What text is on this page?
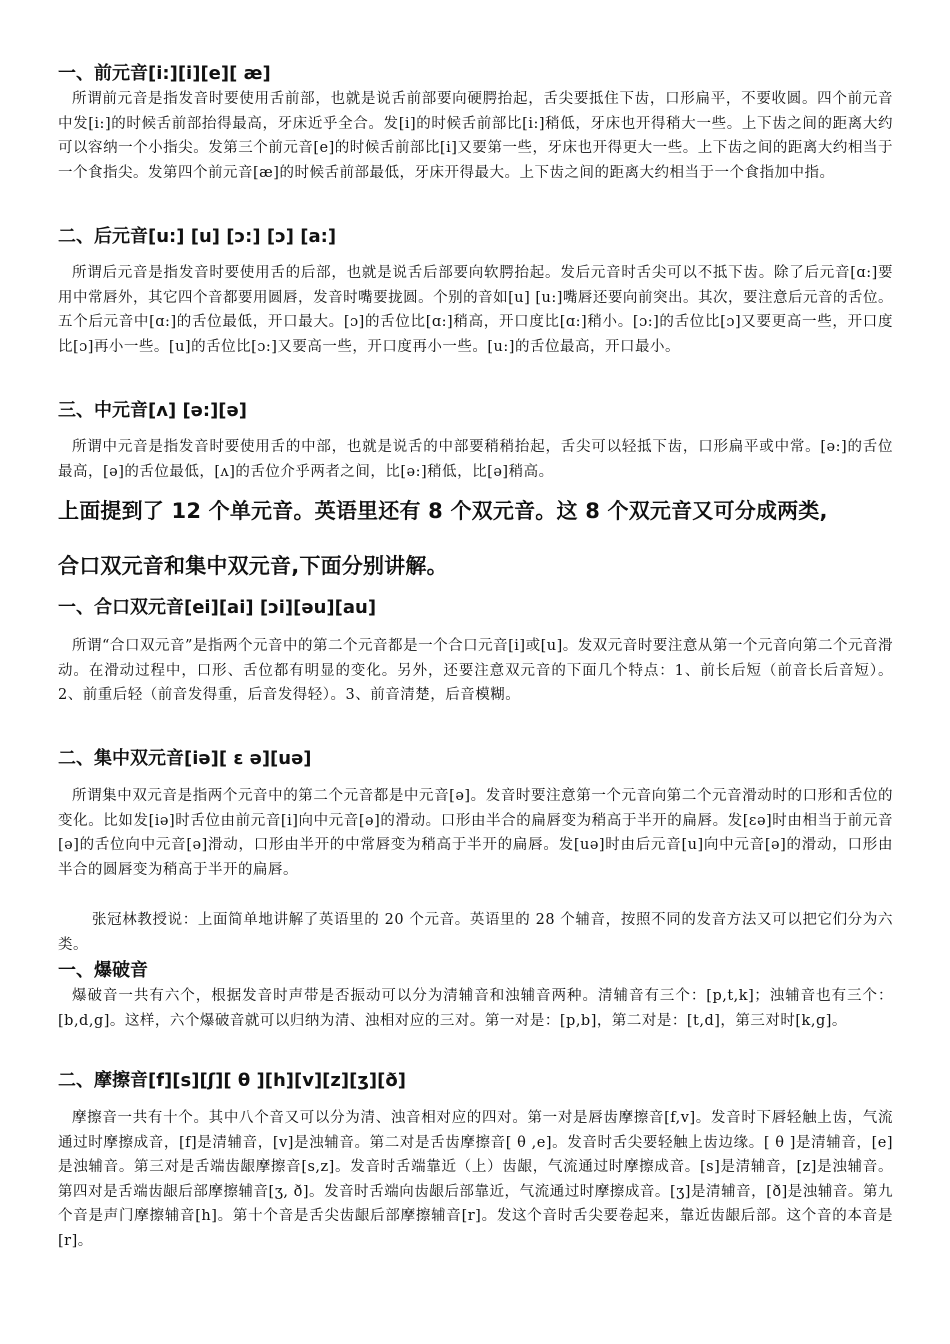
一、前元音[i:][i][e][ æ]
所谓前元音是指发音时要使用舌前部，也就是说舌前部要向硬腭抬起，舌尖要抵住下齿，口形扁平，不要收圆。四个前元音中发[i:]的时候舌前部抬得最高，牙床近乎全合。发[i]的时候舌前部比[i:]稍低，牙床也开得稍大一些。上下齿之间的距离大约可以容纳一个小指尖。发第三个前元音[e]的时候舌前部比[i]又要第一些，牙床也开得更大一些。上下齿之间的距离大约相当于一个食指尖。发第四个前元音[æ]的时候舌前部最低，牙床开得最大。上下齿之间的距离大约相当于一个食指加中指。
二、后元音[u:] [u] [ɔ:] [ɔ] [a:]
所谓后元音是指发音时要使用舌的后部，也就是说舌后部要向软腭抬起。发后元音时舌尖可以不抵下齿。除了后元音[ɑ:]要用中常唇外，其它四个音都要用圆唇，发音时嘴要拢圆。个别的音如[u] [u:]嘴唇还要向前突出。其次，要注意后元音的舌位。五个后元音中[ɑ:]的舌位最低，开口最大。[ɔ]的舌位比[ɑ:]稍高，开口度比[ɑ:]稍小。[ɔ:]的舌位比[ɔ]又要更高一些，开口度比[ɔ]再小一些。[u]的舌位比[ɔ:]又要高一些，开口度再小一些。[u:]的舌位最高，开口最小。
三、中元音[ʌ] [ə:][ə]
所谓中元音是指发音时要使用舌的中部，也就是说舌的中部要稍稍抬起，舌尖可以轻抵下齿，口形扁平或中常。[ə:]的舌位最高，[ə]的舌位最低，[ʌ]的舌位介乎两者之间，比[ə:]稍低，比[ə]稍高。
上面提到了 12 个单元音。英语里还有 8 个双元音。这 8 个双元音又可分成两类,
合口双元音和集中双元音,下面分别讲解。
一、合口双元音[ei][ai] [ɔi][əu][au]
所谓“合口双元音”是指两个元音中的第二个元音都是一个合口元音[i]或[u]。发双元音时要注意从第一个元音向第二个元音滑动。在滑动过程中，口形、舌位都有明显的变化。另外，还要注意双元音的下面几个特点：1、前长后短（前音长后音短）。2、前重后轻（前音发得重，后音发得轻）。3、前音清楚，后音模糊。
二、集中双元音[iə][ ɛ ə][uə]
所谓集中双元音是指两个元音中的第二个元音都是中元音[ə]。发音时要注意第一个元音向第二个元音滑动时的口形和舌位的变化。比如发[iə]时舌位由前元音[i]向中元音[ə]的滑动。口形由半合的扁唇变为稍高于半开的扁唇。发[ɛə]时由相当于前元音[ə]的舌位向中元音[ə]滑动，口形由半开的中常唇变为稍高于半开的扁唇。发[uə]时由后元音[u]向中元音[ə]的滑动，口形由半合的圆唇变为稍高于半开的扁唇。
张冠林教授说：上面简单地讲解了英语里的 20 个元音。英语里的 28 个辅音，按照不同的发音方法又可以把它们分为六类。
一、爆破音
爆破音一共有六个，根据发音时声带是否振动可以分为清辅音和浊辅音两种。清辅音有三个：[p,t,k]；浊辅音也有三个：[b,d,g]。这样，六个爆破音就可以归纳为清、浊相对应的三对。第一对是：[p,b]，第二对是：[t,d]，第三对时[k,g]。
二、摩擦音[f][s][ʃ][ θ ][h][v][z][ʒ][ð]
摩擦音一共有十个。其中八个音又可以分为清、浊音相对应的四对。第一对是唇齿摩擦音[f,v]。发音时下唇轻触上齿，气流通过时摩擦成音，[f]是清辅音，[v]是浊辅音。第二对是舌齿摩擦音[ θ ,e]。发音时舌尖要轻触上齿边缘。[ θ ]是清辅音，[e]是浊辅音。第三对是舌端齿龈摩擦音[s,z]。发音时舌端靠近（上）齿龈，气流通过时摩擦成音。[s]是清辅音，[z]是浊辅音。第四对是舌端齿龈后部摩擦辅音[ʒ, ð]。发音时舌端向齿龈后部靠近，气流通过时摩擦成音。[ʒ]是清辅音，[ð]是浊辅音。第九个音是声门摩擦辅音[h]。第十个音是舌尖齿龈后部摩擦辅音[r]。发这个音时舌尖要卷起来，靠近齿龈后部。这个音的本音是[r]。
